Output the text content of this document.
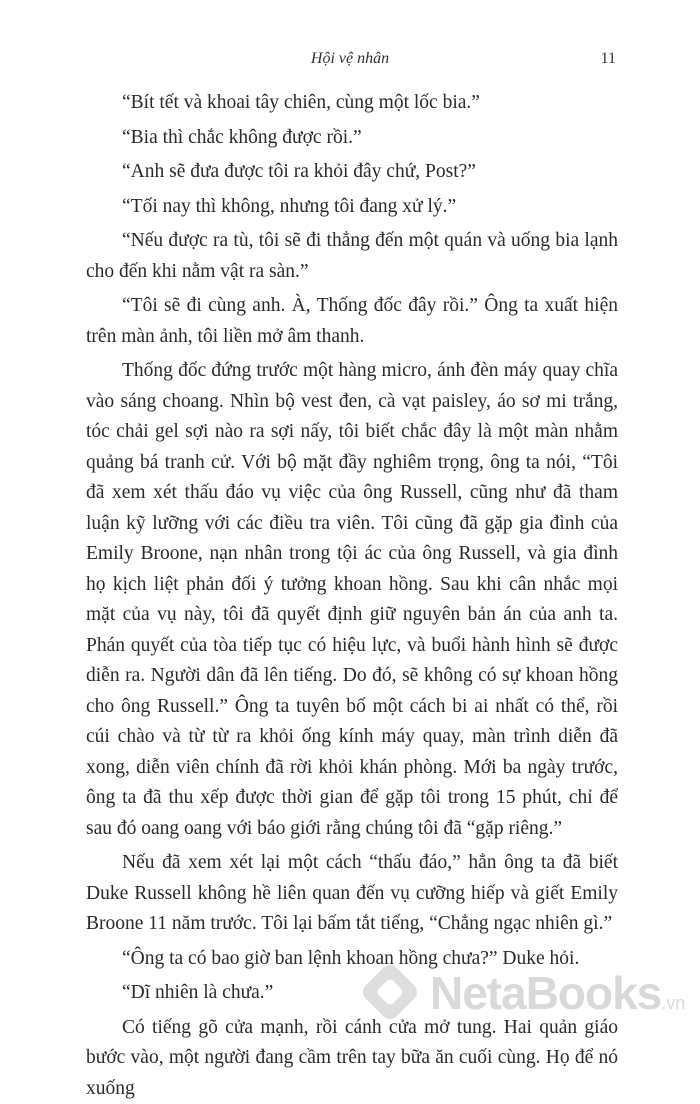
Hội vệ nhân	11

“Bít tết và khoai tây chiên, cùng một lốc bia.”

“Bia thì chắc không được rồi.”

“Anh sẽ đưa được tôi ra khỏi đây chứ, Post?”

“Tối nay thì không, nhưng tôi đang xử lý.”

“Nếu được ra tù, tôi sẽ đi thẳng đến một quán và uống bia lạnh cho đến khi nằm vật ra sàn.”

“Tôi sẽ đi cùng anh. À, Thống đốc đây rồi.” Ông ta xuất hiện trên màn ảnh, tôi liền mở âm thanh.

Thống đốc đứng trước một hàng micro, ánh đèn máy quay chĩa vào sáng choang. Nhìn bộ vest đen, cà vạt paisley, áo sơ mi trắng, tóc chải gel sợi nào ra sợi nấy, tôi biết chắc đây là một màn nhằm quảng bá tranh cử. Với bộ mặt đầy nghiêm trọng, ông ta nói, “Tôi đã xem xét thấu đáo vụ việc của ông Russell, cũng như đã tham luận kỹ lưỡng với các điều tra viên. Tôi cũng đã gặp gia đình của Emily Broone, nạn nhân trong tội ác của ông Russell, và gia đình họ kịch liệt phản đối ý tưởng khoan hồng. Sau khi cân nhắc mọi mặt của vụ này, tôi đã quyết định giữ nguyên bản án của anh ta. Phán quyết của tòa tiếp tục có hiệu lực, và buổi hành hình sẽ được diễn ra. Người dân đã lên tiếng. Do đó, sẽ không có sự khoan hồng cho ông Russell.” Ông ta tuyên bố một cách bi ai nhất có thể, rồi cúi chào và từ từ ra khỏi ống kính máy quay, màn trình diễn đã xong, diễn viên chính đã rời khỏi khán phòng. Mới ba ngày trước, ông ta đã thu xếp được thời gian để gặp tôi trong 15 phút, chỉ để sau đó oang oang với báo giới rằng chúng tôi đã “gặp riêng.”

Nếu đã xem xét lại một cách “thấu đáo,” hẳn ông ta đã biết Duke Russell không hề liên quan đến vụ cưỡng hiếp và giết Emily Broone 11 năm trước. Tôi lại bấm tắt tiếng, “Chẳng ngạc nhiên gì.”

“Ông ta có bao giờ ban lệnh khoan hồng chưa?” Duke hỏi.

“Dĩ nhiên là chưa.”

Có tiếng gõ cửa mạnh, rồi cánh cửa mở tung. Hai quản giáo bước vào, một người đang cầm trên tay bữa ăn cuối cùng. Họ để nó xuống

NetaBooks.vn
